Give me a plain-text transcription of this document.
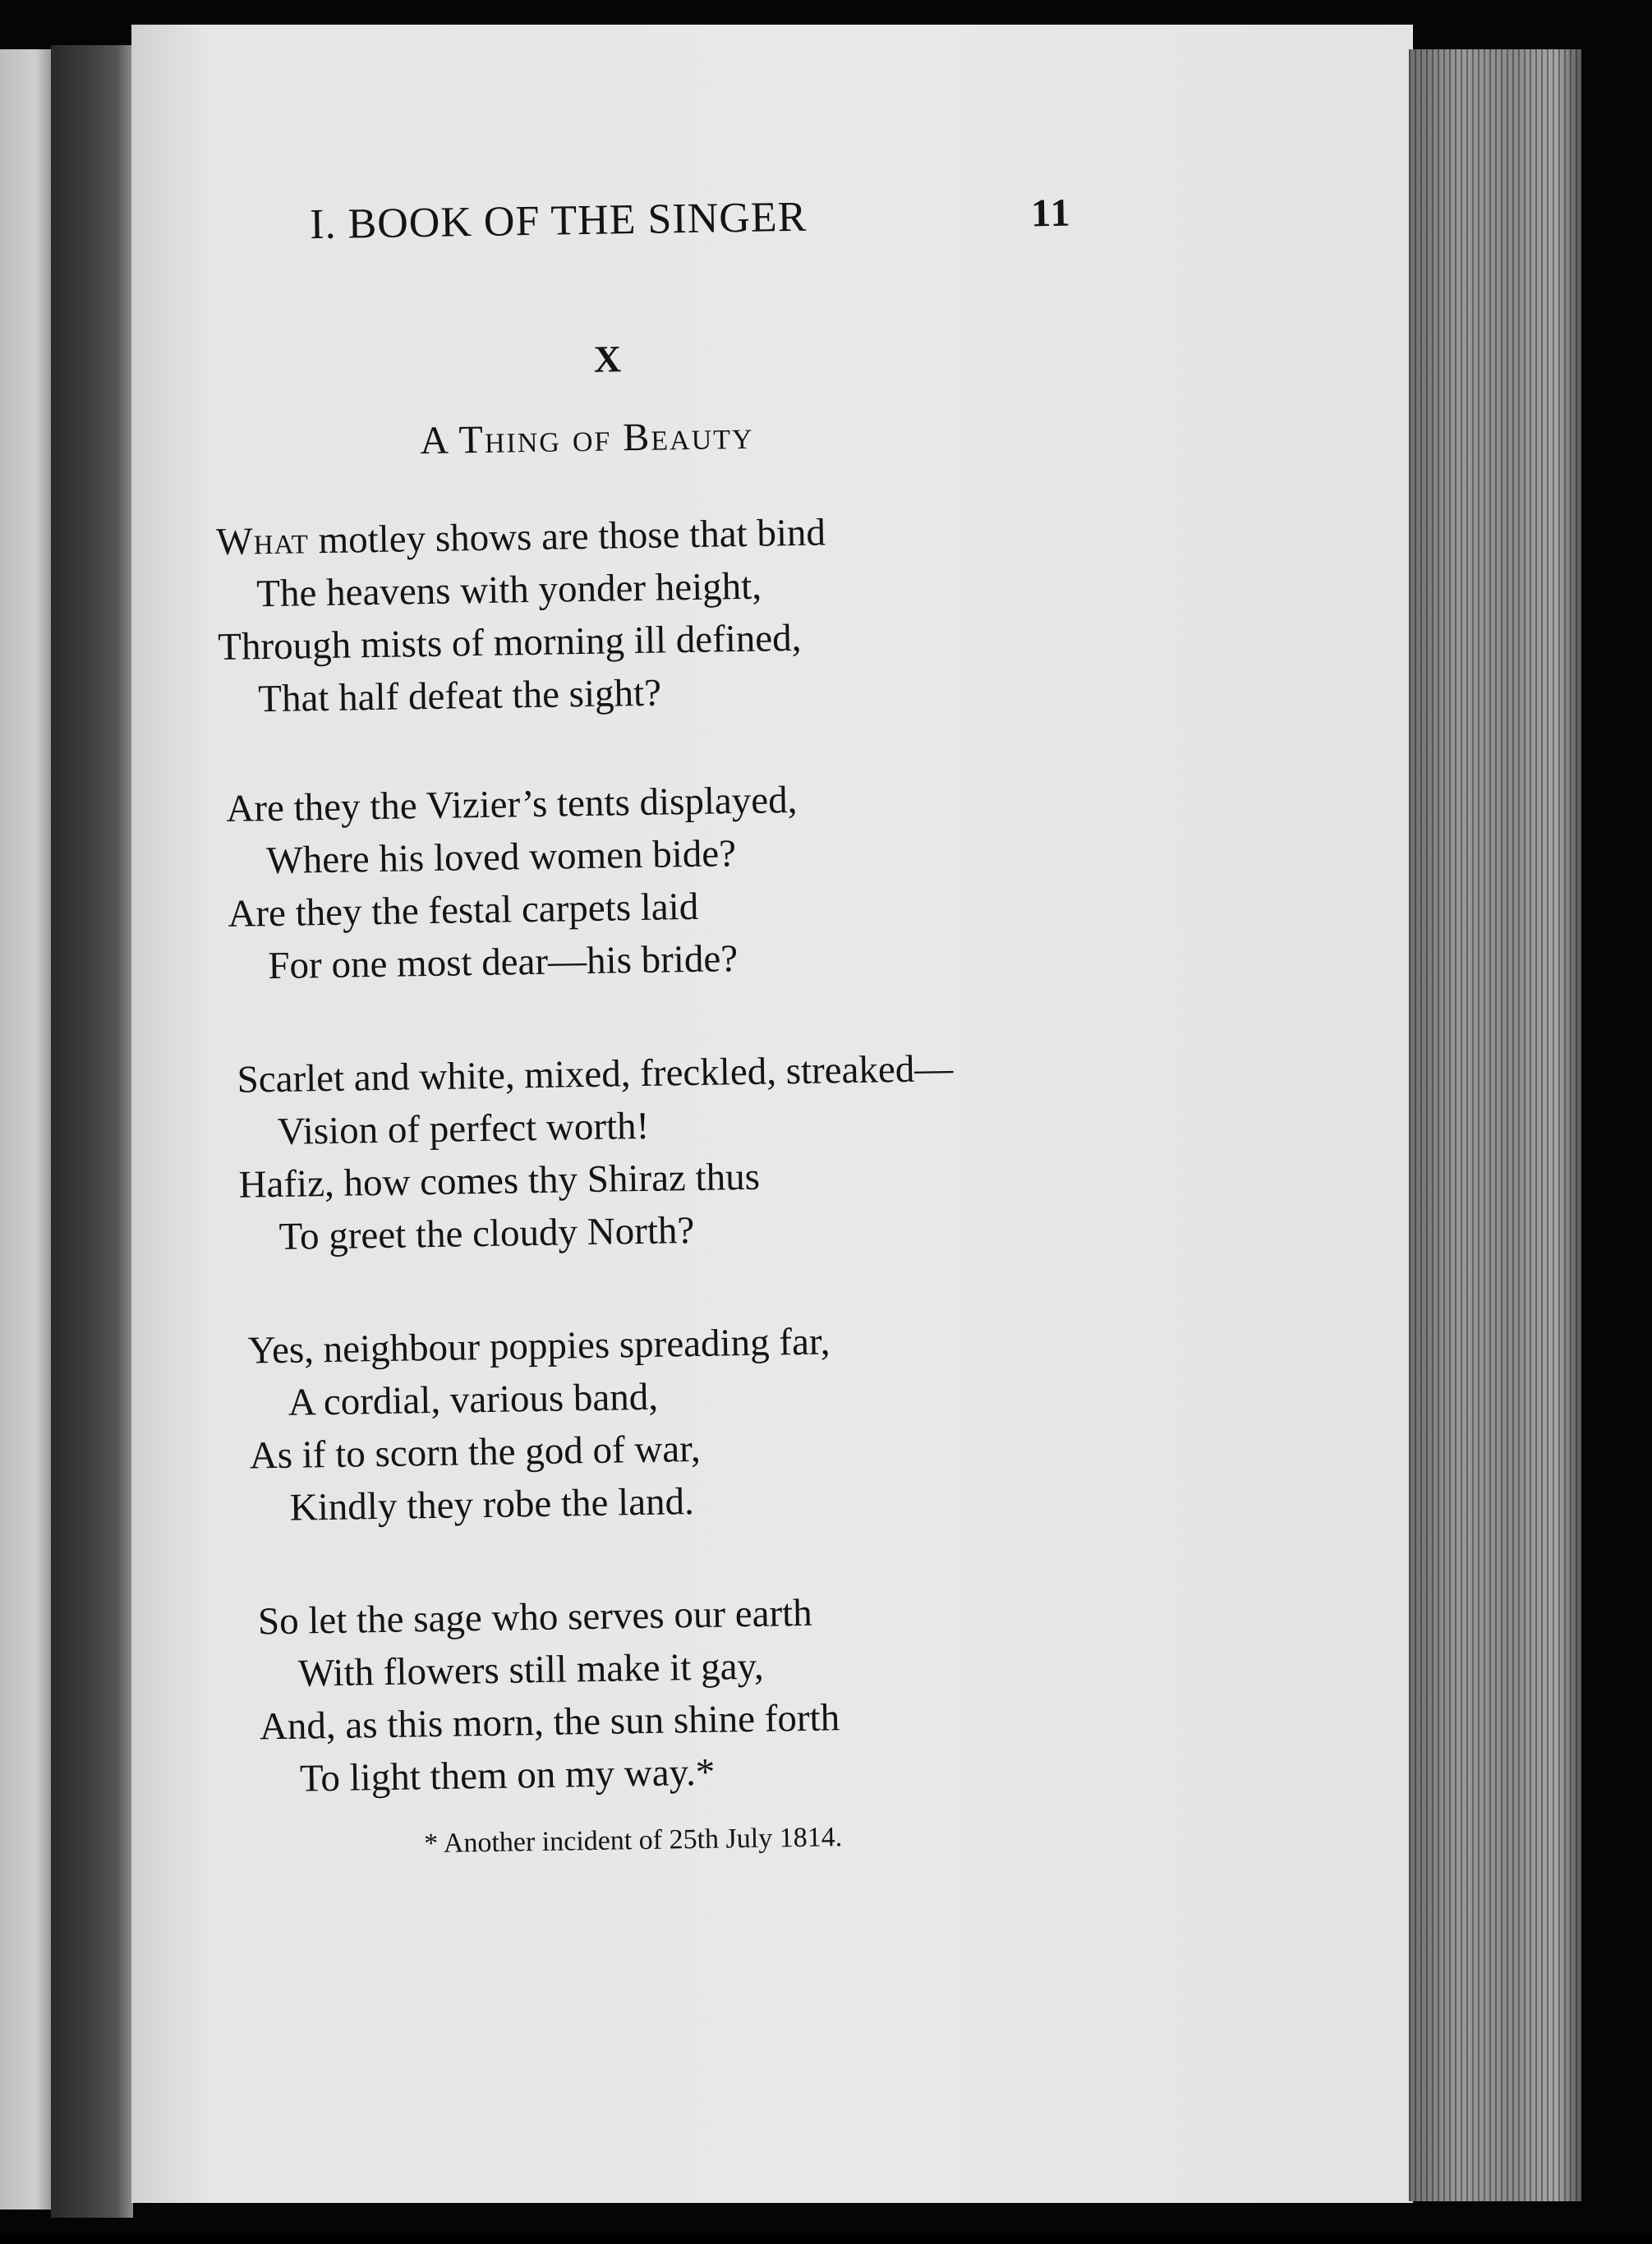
I. BOOK OF THE SINGER	11
X
A Thing of Beauty
What motley shows are those that bind
The heavens with yonder height,
Through mists of morning ill defined,
That half defeat the sight?
Are they the Vizier’s tents displayed,
Where his loved women bide?
Are they the festal carpets laid
For one most dear—his bride?
Scarlet and white, mixed, freckled, streaked—
Vision of perfect worth!
Hafiz, how comes thy Shiraz thus
To greet the cloudy North?
Yes, neighbour poppies spreading far,
A cordial, various band,
As if to scorn the god of war,
Kindly they robe the land.
So let the sage who serves our earth
With flowers still make it gay,
And, as this morn, the sun shine forth
To light them on my way.*
* Another incident of 25th July 1814.
